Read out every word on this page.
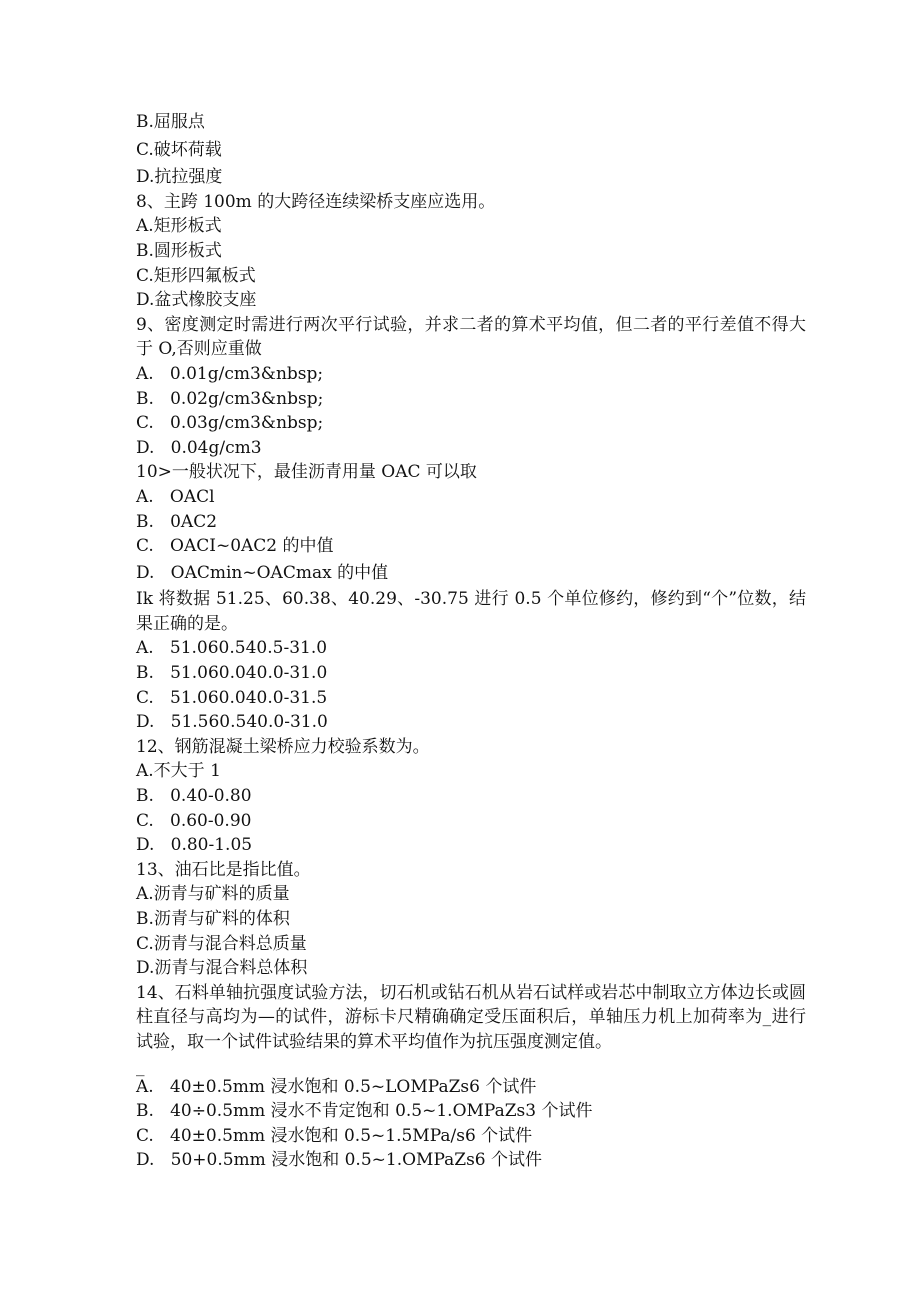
B.屈服点
C.破坏荷载
D.抗拉强度
8、主跨 100m 的大跨径连续梁桥支座应选用。
A.矩形板式
B.圆形板式
C.矩形四氟板式
D.盆式橡胶支座
9、密度测定时需进行两次平行试验，并求二者的算术平均值，但二者的平行差值不得大于 O,否则应重做
A.   0.01g/cm3&nbsp;
B.   0.02g/cm3&nbsp;
C.   0.03g/cm3&nbsp;
D.   0.04g∕cm3
10>一般状况下，最佳沥青用量 OAC 可以取
A.   OACl
B.   0AC2
C.   OACI~0AC2 的中值
D.   OACmin~OACmax 的中值
Ik 将数据 51.25、60.38、40.29、-30.75 进行 0.5 个单位修约，修约到“个”位数，结果正确的是。
A.   51.060.540.5-31.0
B.   51.060.040.0-31.0
C.   51.060.040.0-31.5
D.   51.560.540.0-31.0
12、钢筋混凝土梁桥应力校验系数为。
A.不大于 1
B.   0.40-0.80
C.   0.60-0.90
D.   0.80-1.05
13、油石比是指比值。
A.沥青与矿料的质量
B.沥青与矿料的体积
C.沥青与混合料总质量
D.沥青与混合料总体积
14、石料单轴抗强度试验方法，切石机或钻石机从岩石试样或岩芯中制取立方体边长或圆柱直径与高均为—的试件，游标卡尺精确确定受压面积后，单轴压力机上加荷率为_进行试验，取一个试件试验结果的算术平均值作为抗压强度测定值。
_
A.   40±0.5mm 浸水饱和 0.5~LOMPaZs6 个试件
B.   40÷0.5mm 浸水不肯定饱和 0.5~1.OMPaZs3 个试件
C.   40±0.5mm 浸水饱和 0.5~1.5MPa∕s6 个试件
D.   50+0.5mm 浸水饱和 0.5~1.OMPaZs6 个试件
